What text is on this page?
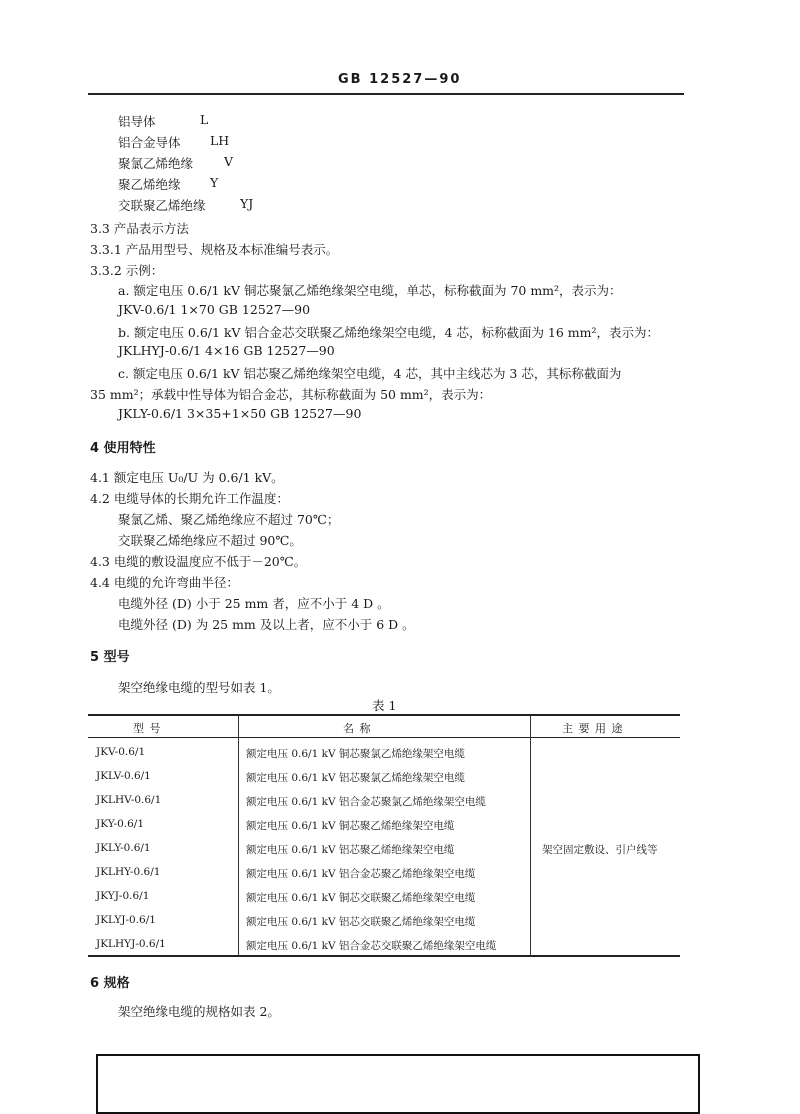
GB 12527—90
铝导体	L
铝合金导体 LH
聚氯乙烯绝缘 V
聚乙烯绝缘 Y
交联聚乙烯绝缘	YJ
3.3 产品表示方法
3.3.1 产品用型号、规格及本标准编号表示。
3.3.2 示例：
a. 额定电压 0.6/1 kV 铜芯聚氯乙烯绝缘架空电缆，单芯，标称截面为 70 mm²，表示为：
JKV-0.6/1 1×70 GB 12527—90
b. 额定电压 0.6/1 kV 铝合金芯交联聚乙烯绝缘架空电缆，4 芯，标称截面为 16 mm²，表示为：
JKLHYJ-0.6/1 4×16 GB 12527—90
c. 额定电压 0.6/1 kV 铝芯聚乙烯绝缘架空电缆，4 芯，其中主线芯为 3 芯，其标称截面为
35 mm²；承载中性导体为铝合金芯，其标称截面为 50 mm²，表示为：
JKLY-0.6/1 3×35+1×50 GB 12527—90
4 使用特性
4.1 额定电压 U₀/U 为 0.6/1 kV。
4.2 电缆导体的长期允许工作温度：
聚氯乙烯、聚乙烯绝缘应不超过 70℃；
交联聚乙烯绝缘应不超过 90℃。
4.3 电缆的敷设温度应不低于－20℃。
4.4 电缆的允许弯曲半径：
电缆外径 (D) 小于 25 mm 者，应不小于 4 D 。
电缆外径 (D) 为 25 mm 及以上者，应不小于 6 D 。
5 型号
架空绝缘电缆的型号如表 1。
表 1
型 号	名 称	主 要 用 途
JKV-0.6/1	额定电压 0.6/1 kV 铜芯聚氯乙烯绝缘架空电缆
JKLV-0.6/1	额定电压 0.6/1 kV 铝芯聚氯乙烯绝缘架空电缆
JKLHV-0.6/1	额定电压 0.6/1 kV 铝合金芯聚氯乙烯绝缘架空电缆
JKY-0.6/1	额定电压 0.6/1 kV 铜芯聚乙烯绝缘架空电缆
JKLY-0.6/1	额定电压 0.6/1 kV 铝芯聚乙烯绝缘架空电缆
JKLHY-0.6/1	额定电压 0.6/1 kV 铝合金芯聚乙烯绝缘架空电缆
JKYJ-0.6/1	额定电压 0.6/1 kV 铜芯交联聚乙烯绝缘架空电缆
JKLYJ-0.6/1	额定电压 0.6/1 kV 铝芯交联聚乙烯绝缘架空电缆
JKLHYJ-0.6/1	额定电压 0.6/1 kV 铝合金芯交联聚乙烯绝缘架空电缆
架空固定敷设、引户线等
6 规格
架空绝缘电缆的规格如表 2。
